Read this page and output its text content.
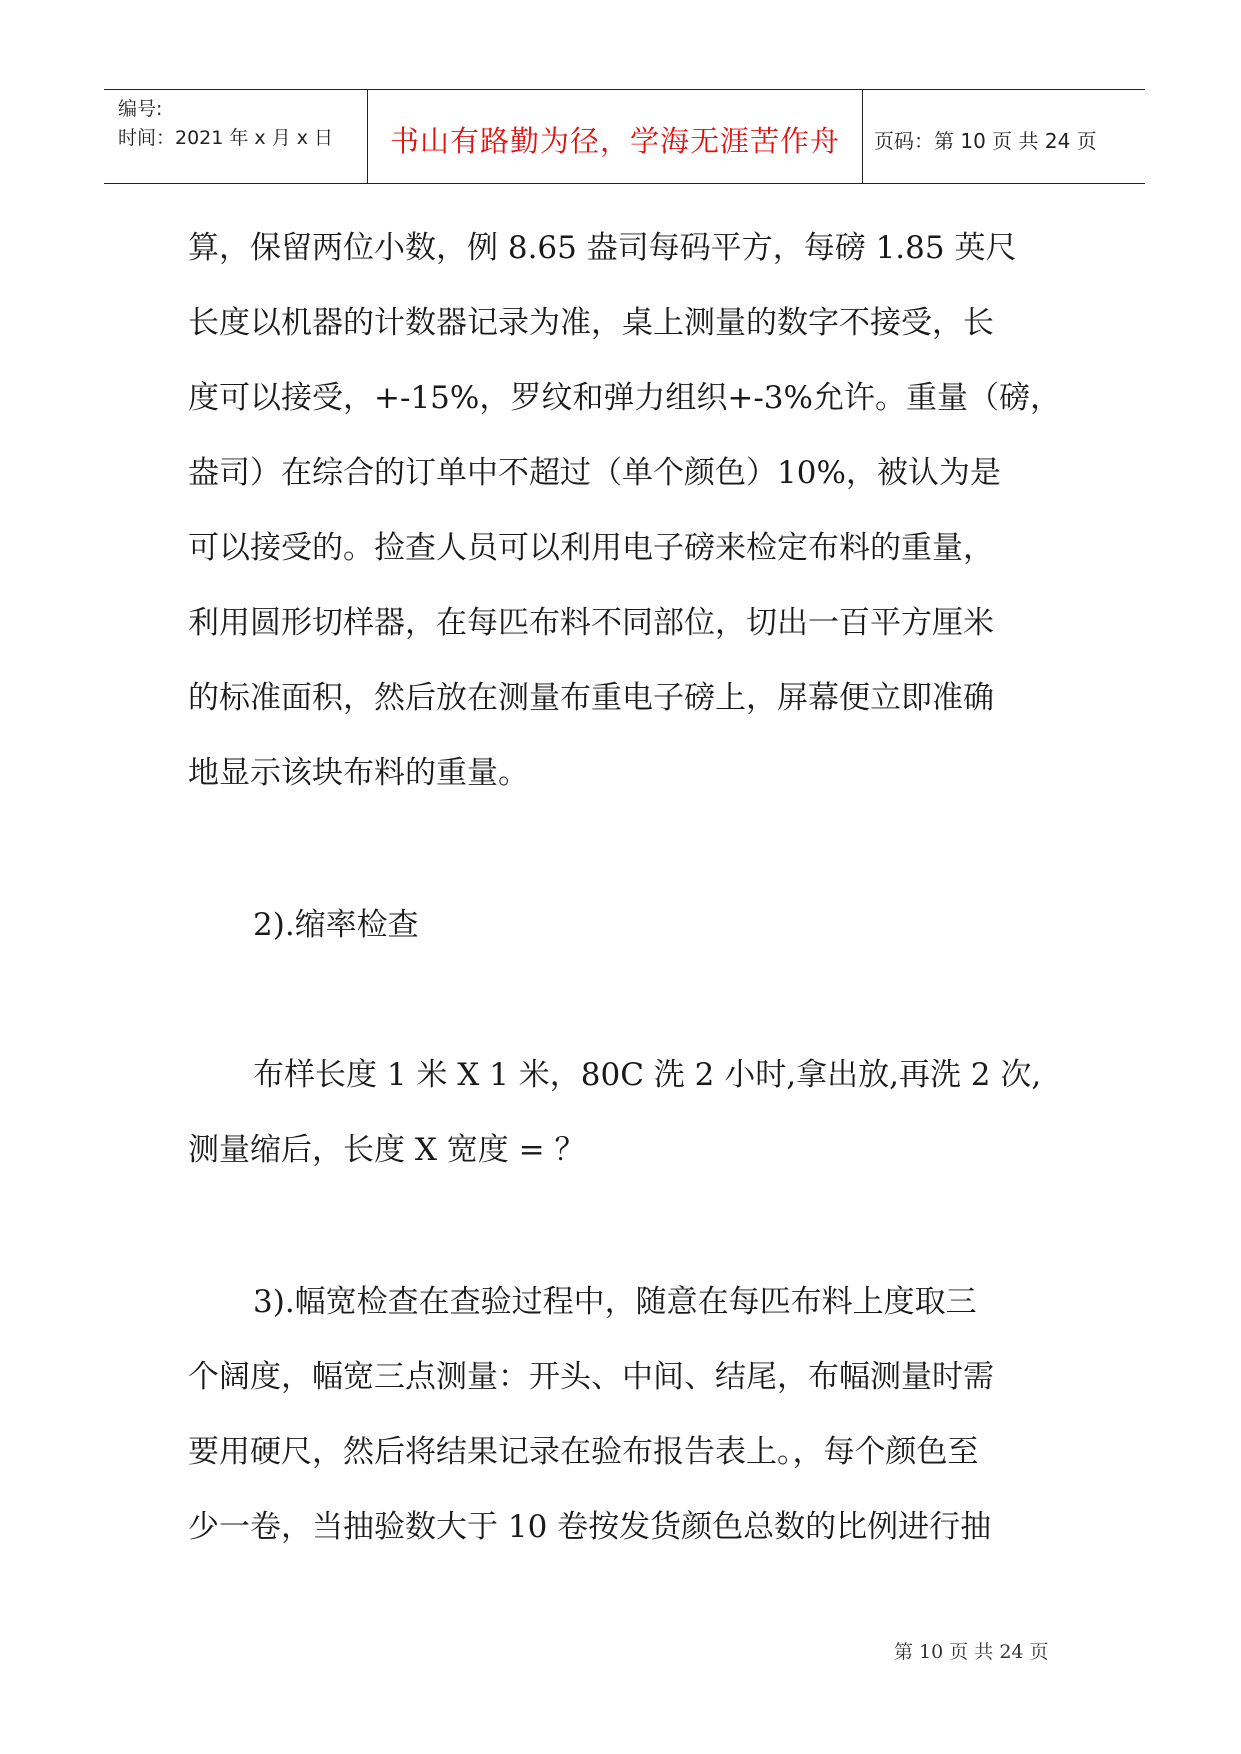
编号:
时间：2021 年 x 月 x 日	书山有路勤为径，学海无涯苦作舟	页码：第 10 页 共 24 页
算，保留两位小数，例 8.65 盎司每码平方，每磅 1.85 英尺
长度以机器的计数器记录为准，桌上测量的数字不接受，长
度可以接受，+-15%，罗纹和弹力组织+-3%允许。重量（磅，
盎司）在综合的订单中不超过（单个颜色）10%，被认为是
可以接受的。捡查人员可以利用电子磅来检定布料的重量，
利用圆形切样器，在每匹布料不同部位，切出一百平方厘米
的标准面积，然后放在测量布重电子磅上，屏幕便立即准确
地显示该块布料的重量。
2).缩率检查
布样长度 1 米 X 1 米，80C 洗 2 小时,拿出放,再洗 2 次,
测量缩后，长度 X 宽度 = ？
3).幅宽检查在查验过程中，随意在每匹布料上度取三
个阔度，幅宽三点测量：开头、中间、结尾，布幅测量时需
要用硬尺，然后将结果记录在验布报告表上。，每个颜色至
少一卷，当抽验数大于 10 卷按发货颜色总数的比例进行抽
第 10 页 共 24 页
